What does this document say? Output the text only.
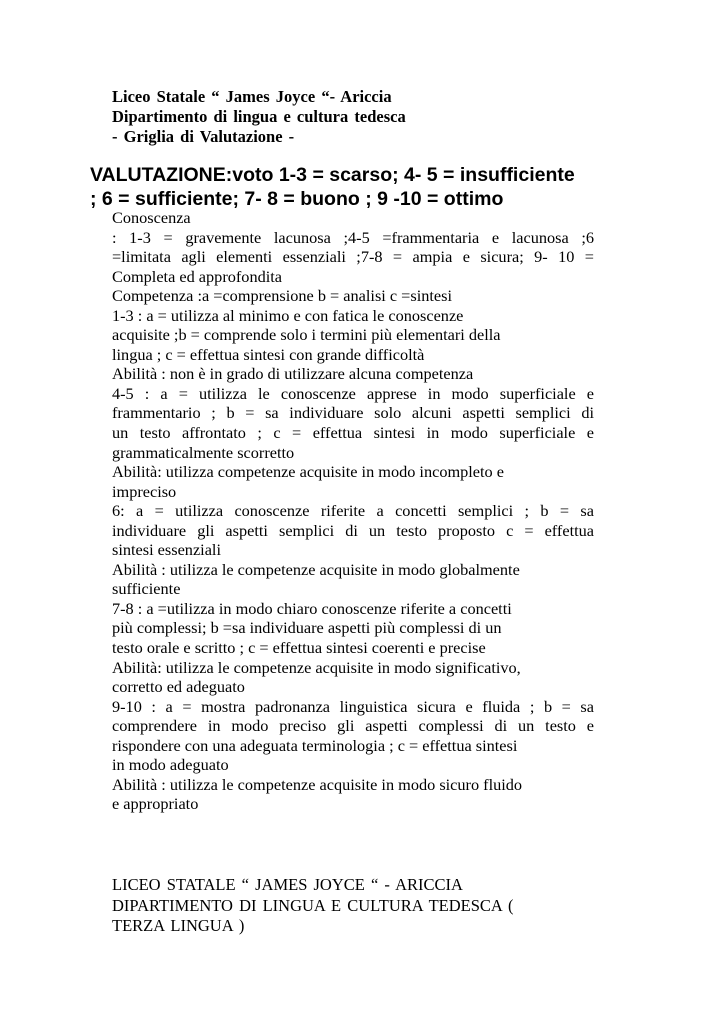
Liceo Statale “ James Joyce “- Ariccia
Dipartimento di lingua e cultura tedesca
- Griglia di Valutazione -
VALUTAZIONE:voto 1-3 = scarso; 4- 5 = insufficiente
; 6 = sufficiente; 7- 8 = buono ; 9 -10 = ottimo
Conoscenza
: 1-3 = gravemente lacunosa ;4-5 =frammentaria e lacunosa ;6
=limitata agli elementi essenziali ;7-8 = ampia e sicura; 9- 10 =
Completa ed approfondita
Competenza :a =comprensione b = analisi c =sintesi
1-3 : a = utilizza al minimo e con fatica le conoscenze
acquisite ;b = comprende solo i termini più elementari della
lingua ; c = effettua sintesi con grande difficoltà
Abilità : non è in grado di utilizzare alcuna competenza
4-5 : a = utilizza le conoscenze apprese in modo superficiale e
frammentario ; b = sa individuare solo alcuni aspetti semplici di
un testo affrontato ; c = effettua sintesi in modo superficiale e
grammaticalmente scorretto
Abilità: utilizza competenze acquisite in modo incompleto e
impreciso
6: a = utilizza conoscenze riferite a concetti semplici ; b = sa
individuare gli aspetti semplici di un testo proposto c = effettua
sintesi essenziali
Abilità : utilizza le competenze acquisite in modo globalmente
sufficiente
7-8 : a =utilizza in modo chiaro conoscenze riferite a concetti
più complessi; b =sa individuare aspetti più complessi di un
testo orale e scritto ; c = effettua sintesi coerenti e precise
Abilità: utilizza le competenze acquisite in modo significativo,
corretto ed adeguato
9-10 : a = mostra padronanza linguistica sicura e fluida ; b = sa
comprendere in modo preciso gli aspetti complessi di un testo e
rispondere con una adeguata terminologia ; c = effettua sintesi
in modo adeguato
Abilità : utilizza le competenze acquisite in modo sicuro fluido
e appropriato
LICEO STATALE “ JAMES JOYCE “ - ARICCIA
DIPARTIMENTO DI LINGUA E CULTURA TEDESCA (
TERZA LINGUA )
